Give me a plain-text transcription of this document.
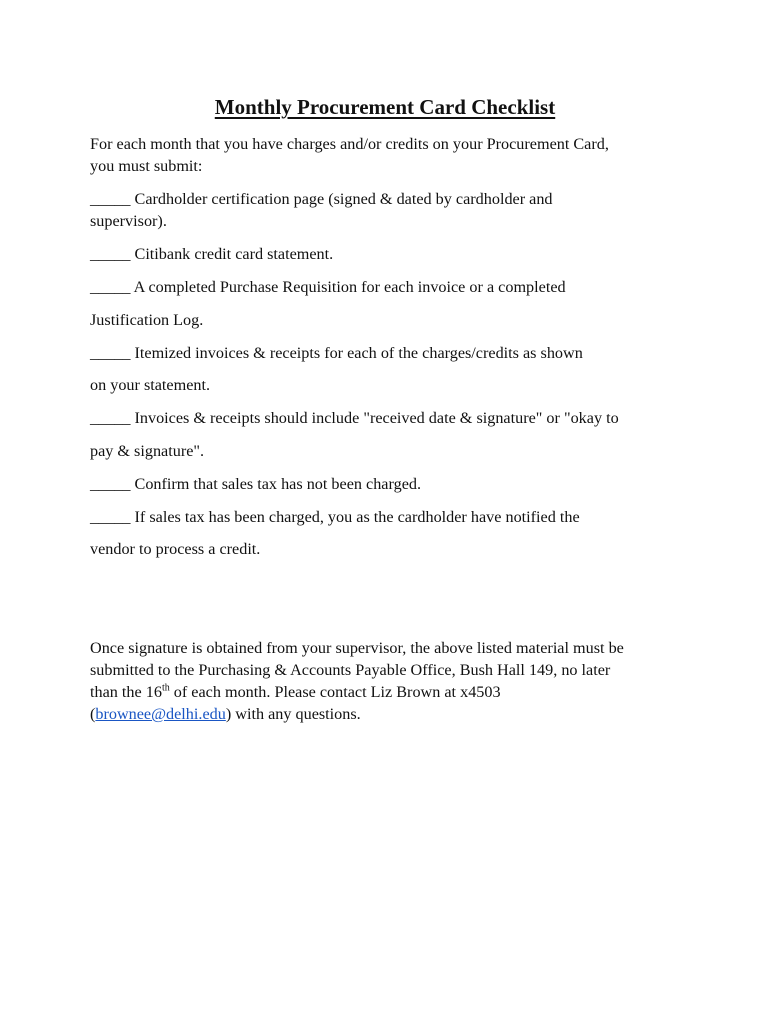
Monthly Procurement Card Checklist
For each month that you have charges and/or credits on your Procurement Card,
you must submit:
_____ Cardholder certification page (signed & dated by cardholder and
supervisor).
_____ Citibank credit card statement.
_____ A completed Purchase Requisition for each invoice or a completed
Justification Log.
_____ Itemized invoices & receipts for each of the charges/credits as shown
on your statement.
_____ Invoices & receipts should include "received date & signature" or "okay to
pay & signature".
_____ Confirm that sales tax has not been charged.
_____ If sales tax has been charged, you as the cardholder have notified the
vendor to process a credit.
Once signature is obtained from your supervisor, the above listed material must be
submitted to the Purchasing & Accounts Payable Office, Bush Hall 149, no later
than the 16th of each month. Please contact Liz Brown at x4503
(brownee@delhi.edu) with any questions.
